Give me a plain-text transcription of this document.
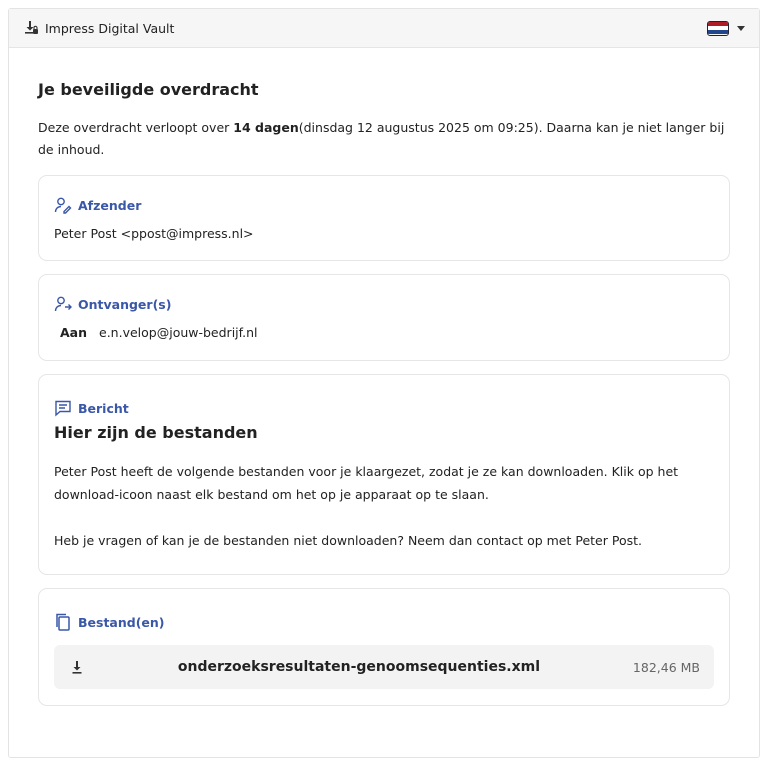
Impress Digital Vault
Je beveiligde overdracht
Deze overdracht verloopt over 14 dagen(dinsdag 12 augustus 2025 om 09:25). Daarna kan je niet langer bij de inhoud.
Afzender
Peter Post <ppost@impress.nl>
Ontvanger(s)
Aan e.n.velop@jouw-bedrijf.nl
Bericht
Hier zijn de bestanden

Peter Post heeft de volgende bestanden voor je klaargezet, zodat je ze kan downloaden. Klik op het download-icoon naast elk bestand om het op je apparaat op te slaan.

Heb je vragen of kan je de bestanden niet downloaden? Neem dan contact op met Peter Post.

Bestand(en)
onderzoeksresultaten-genoomsequenties.xml	182,46 MB
